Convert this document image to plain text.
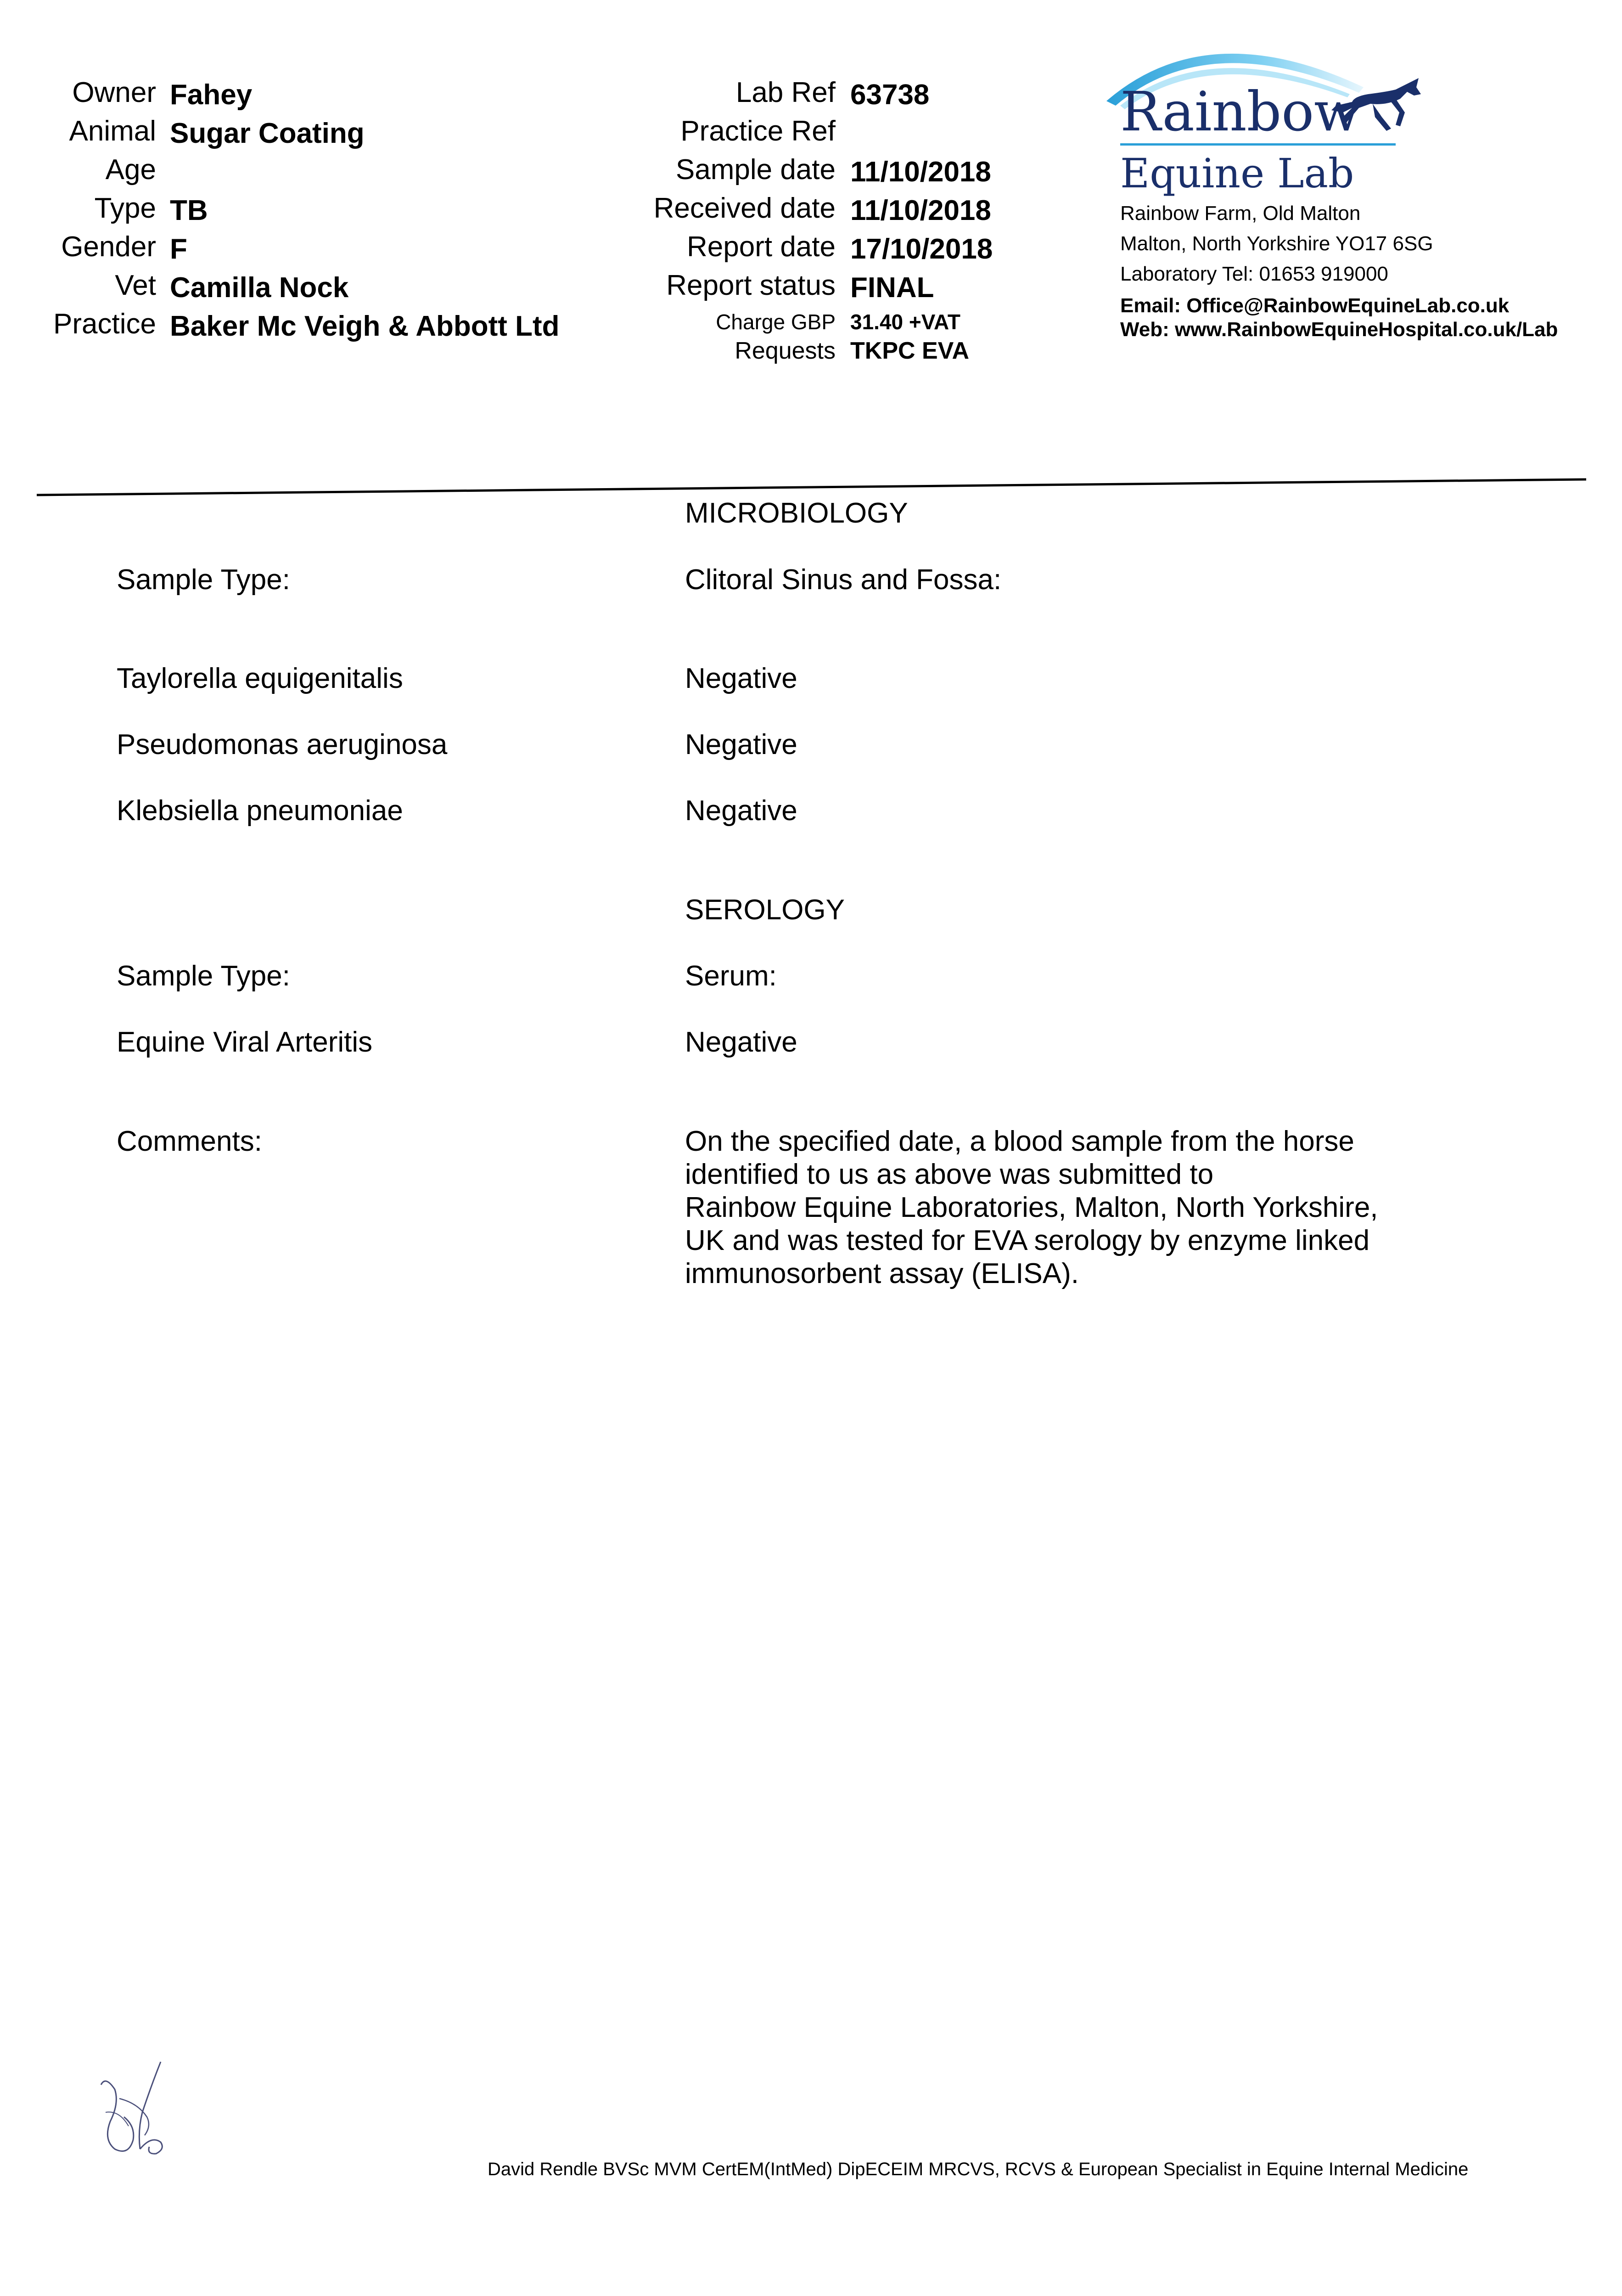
Owner Fahey
Animal Sugar Coating
Age
Type TB
Gender F
Vet Camilla Nock
Practice Baker Mc Veigh & Abbott Ltd
Lab Ref 63738
Practice Ref
Sample date 11/10/2018
Received date 11/10/2018
Report date 17/10/2018
Report status FINAL
Charge GBP 31.40 +VAT
Requests TKPC EVA
Rainbow
Equine Lab
Rainbow Farm, Old Malton
Malton, North Yorkshire YO17 6SG
Laboratory Tel: 01653 919000
Email: Office@RainbowEquineLab.co.uk
Web: www.RainbowEquineHospital.co.uk/Lab
MICROBIOLOGY
Sample Type:	Clitoral Sinus and Fossa:
Taylorella equigenitalis	Negative
Pseudomonas aeruginosa	Negative
Klebsiella pneumoniae	Negative
SEROLOGY
Sample Type:	Serum:
Equine Viral Arteritis	Negative
Comments:	On the specified date, a blood sample from the horse
identified to us as above was submitted to
Rainbow Equine Laboratories, Malton, North Yorkshire,
UK and was tested for EVA serology by enzyme linked
immunosorbent assay (ELISA).
David Rendle BVSc MVM CertEM(IntMed) DipECEIM MRCVS, RCVS & European Specialist in Equine Internal Medicine
